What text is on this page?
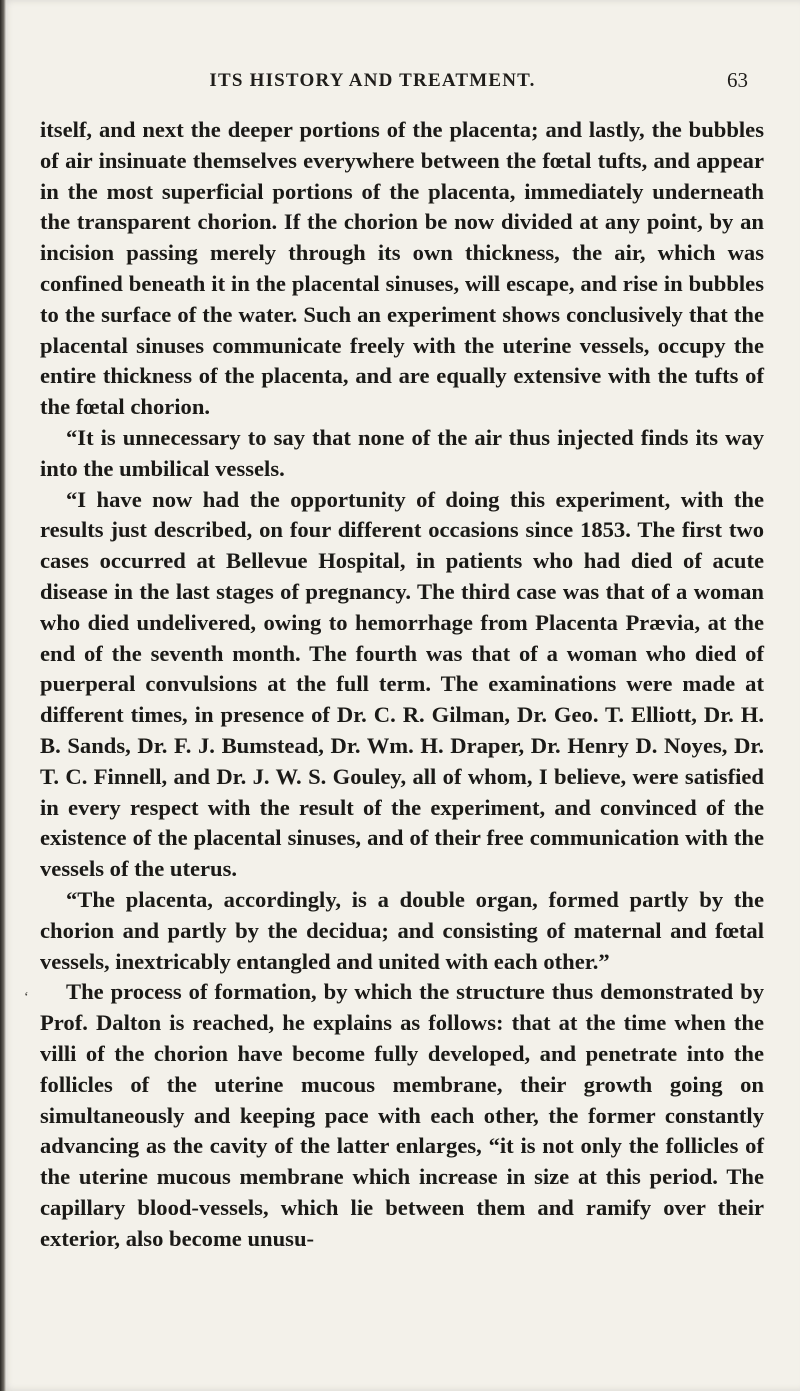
ITS HISTORY AND TREATMENT.	63
‘

itself, and next the deeper portions of the placenta; and lastly, the bubbles of air insinuate themselves everywhere between the fœtal tufts, and appear in the most superficial portions of the placenta, immediately underneath the transparent chorion. If the chorion be now divided at any point, by an incision passing merely through its own thickness, the air, which was confined beneath it in the placental sinuses, will escape, and rise in bubbles to the surface of the water. Such an experiment shows conclusively that the placental sinuses communicate freely with the uterine vessels, occupy the entire thickness of the placenta, and are equally extensive with the tufts of the fœtal chorion.

“It is unnecessary to say that none of the air thus injected finds its way into the umbilical vessels.

“I have now had the opportunity of doing this experiment, with the results just described, on four different occasions since 1853. The first two cases occurred at Bellevue Hospital, in patients who had died of acute disease in the last stages of pregnancy. The third case was that of a woman who died undelivered, owing to hemorrhage from Placenta Prævia, at the end of the seventh month. The fourth was that of a woman who died of puerperal convulsions at the full term. The examinations were made at different times, in presence of Dr. C. R. Gilman, Dr. Geo. T. Elliott, Dr. H. B. Sands, Dr. F. J. Bumstead, Dr. Wm. H. Draper, Dr. Henry D. Noyes, Dr. T. C. Finnell, and Dr. J. W. S. Gouley, all of whom, I believe, were satisfied in every respect with the result of the experiment, and convinced of the existence of the placental sinuses, and of their free communication with the vessels of the uterus.

“The placenta, accordingly, is a double organ, formed partly by the chorion and partly by the decidua; and consisting of maternal and fœtal vessels, inextricably entangled and united with each other.”

The process of formation, by which the structure thus demonstrated by Prof. Dalton is reached, he explains as follows: that at the time when the villi of the chorion have become fully developed, and penetrate into the follicles of the uterine mucous membrane, their growth going on simultaneously and keeping pace with each other, the former constantly advancing as the cavity of the latter enlarges, “it is not only the follicles of the uterine mucous membrane which increase in size at this period. The capillary blood-vessels, which lie between them and ramify over their exterior, also become unusu-
